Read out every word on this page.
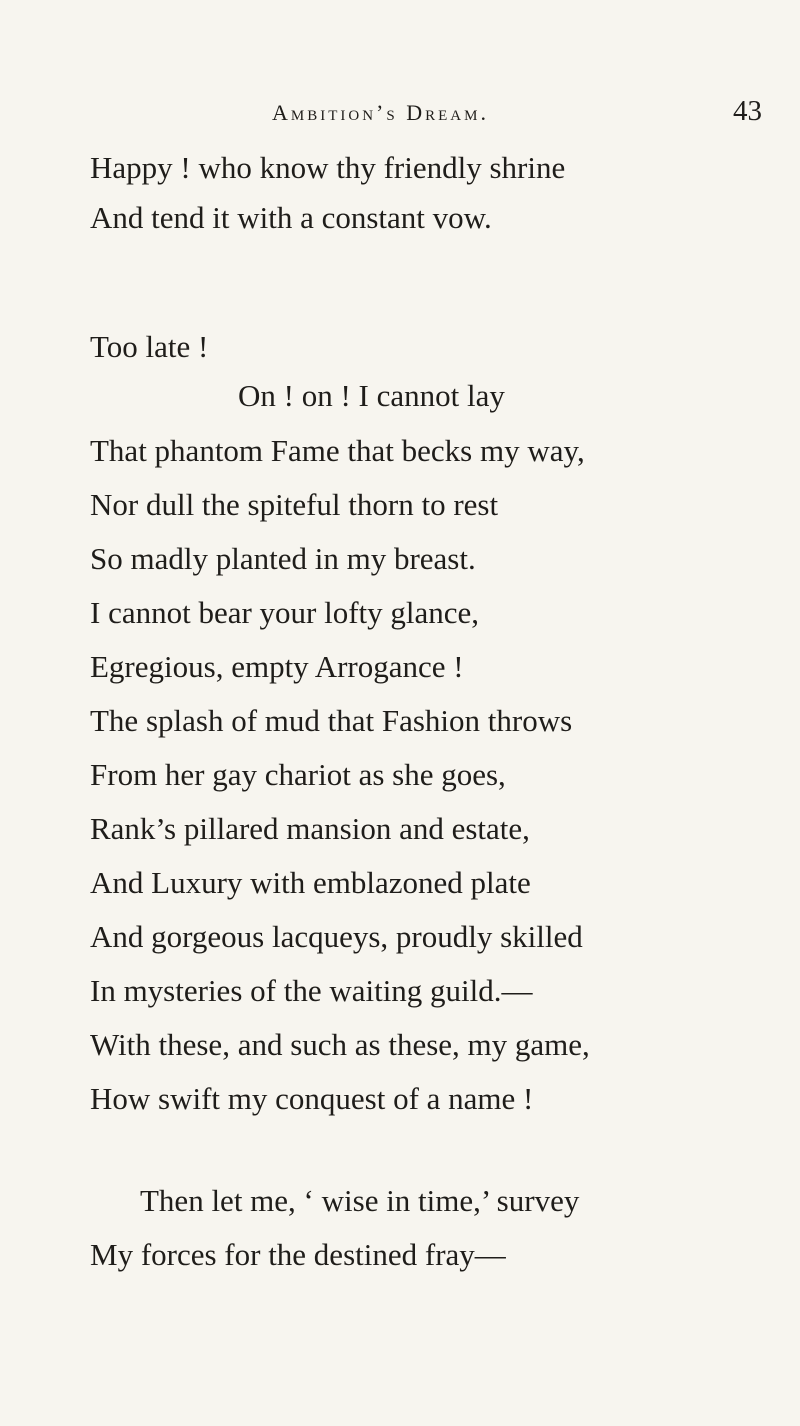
Ambition’s Dream.	43
Happy ! who know thy friendly shrine
And tend it with a constant vow.
Too late !
On ! on ! I cannot lay
That phantom Fame that becks my way,
Nor dull the spiteful thorn to rest
So madly planted in my breast.
I cannot bear your lofty glance,
Egregious, empty Arrogance !
The splash of mud that Fashion throws
From her gay chariot as she goes,
Rank’s pillared mansion and estate,
And Luxury with emblazoned plate
And gorgeous lacqueys, proudly skilled
In mysteries of the waiting guild.—
With these, and such as these, my game,
How swift my conquest of a name !
Then let me, ‘ wise in time,’ survey
My forces for the destined fray—
